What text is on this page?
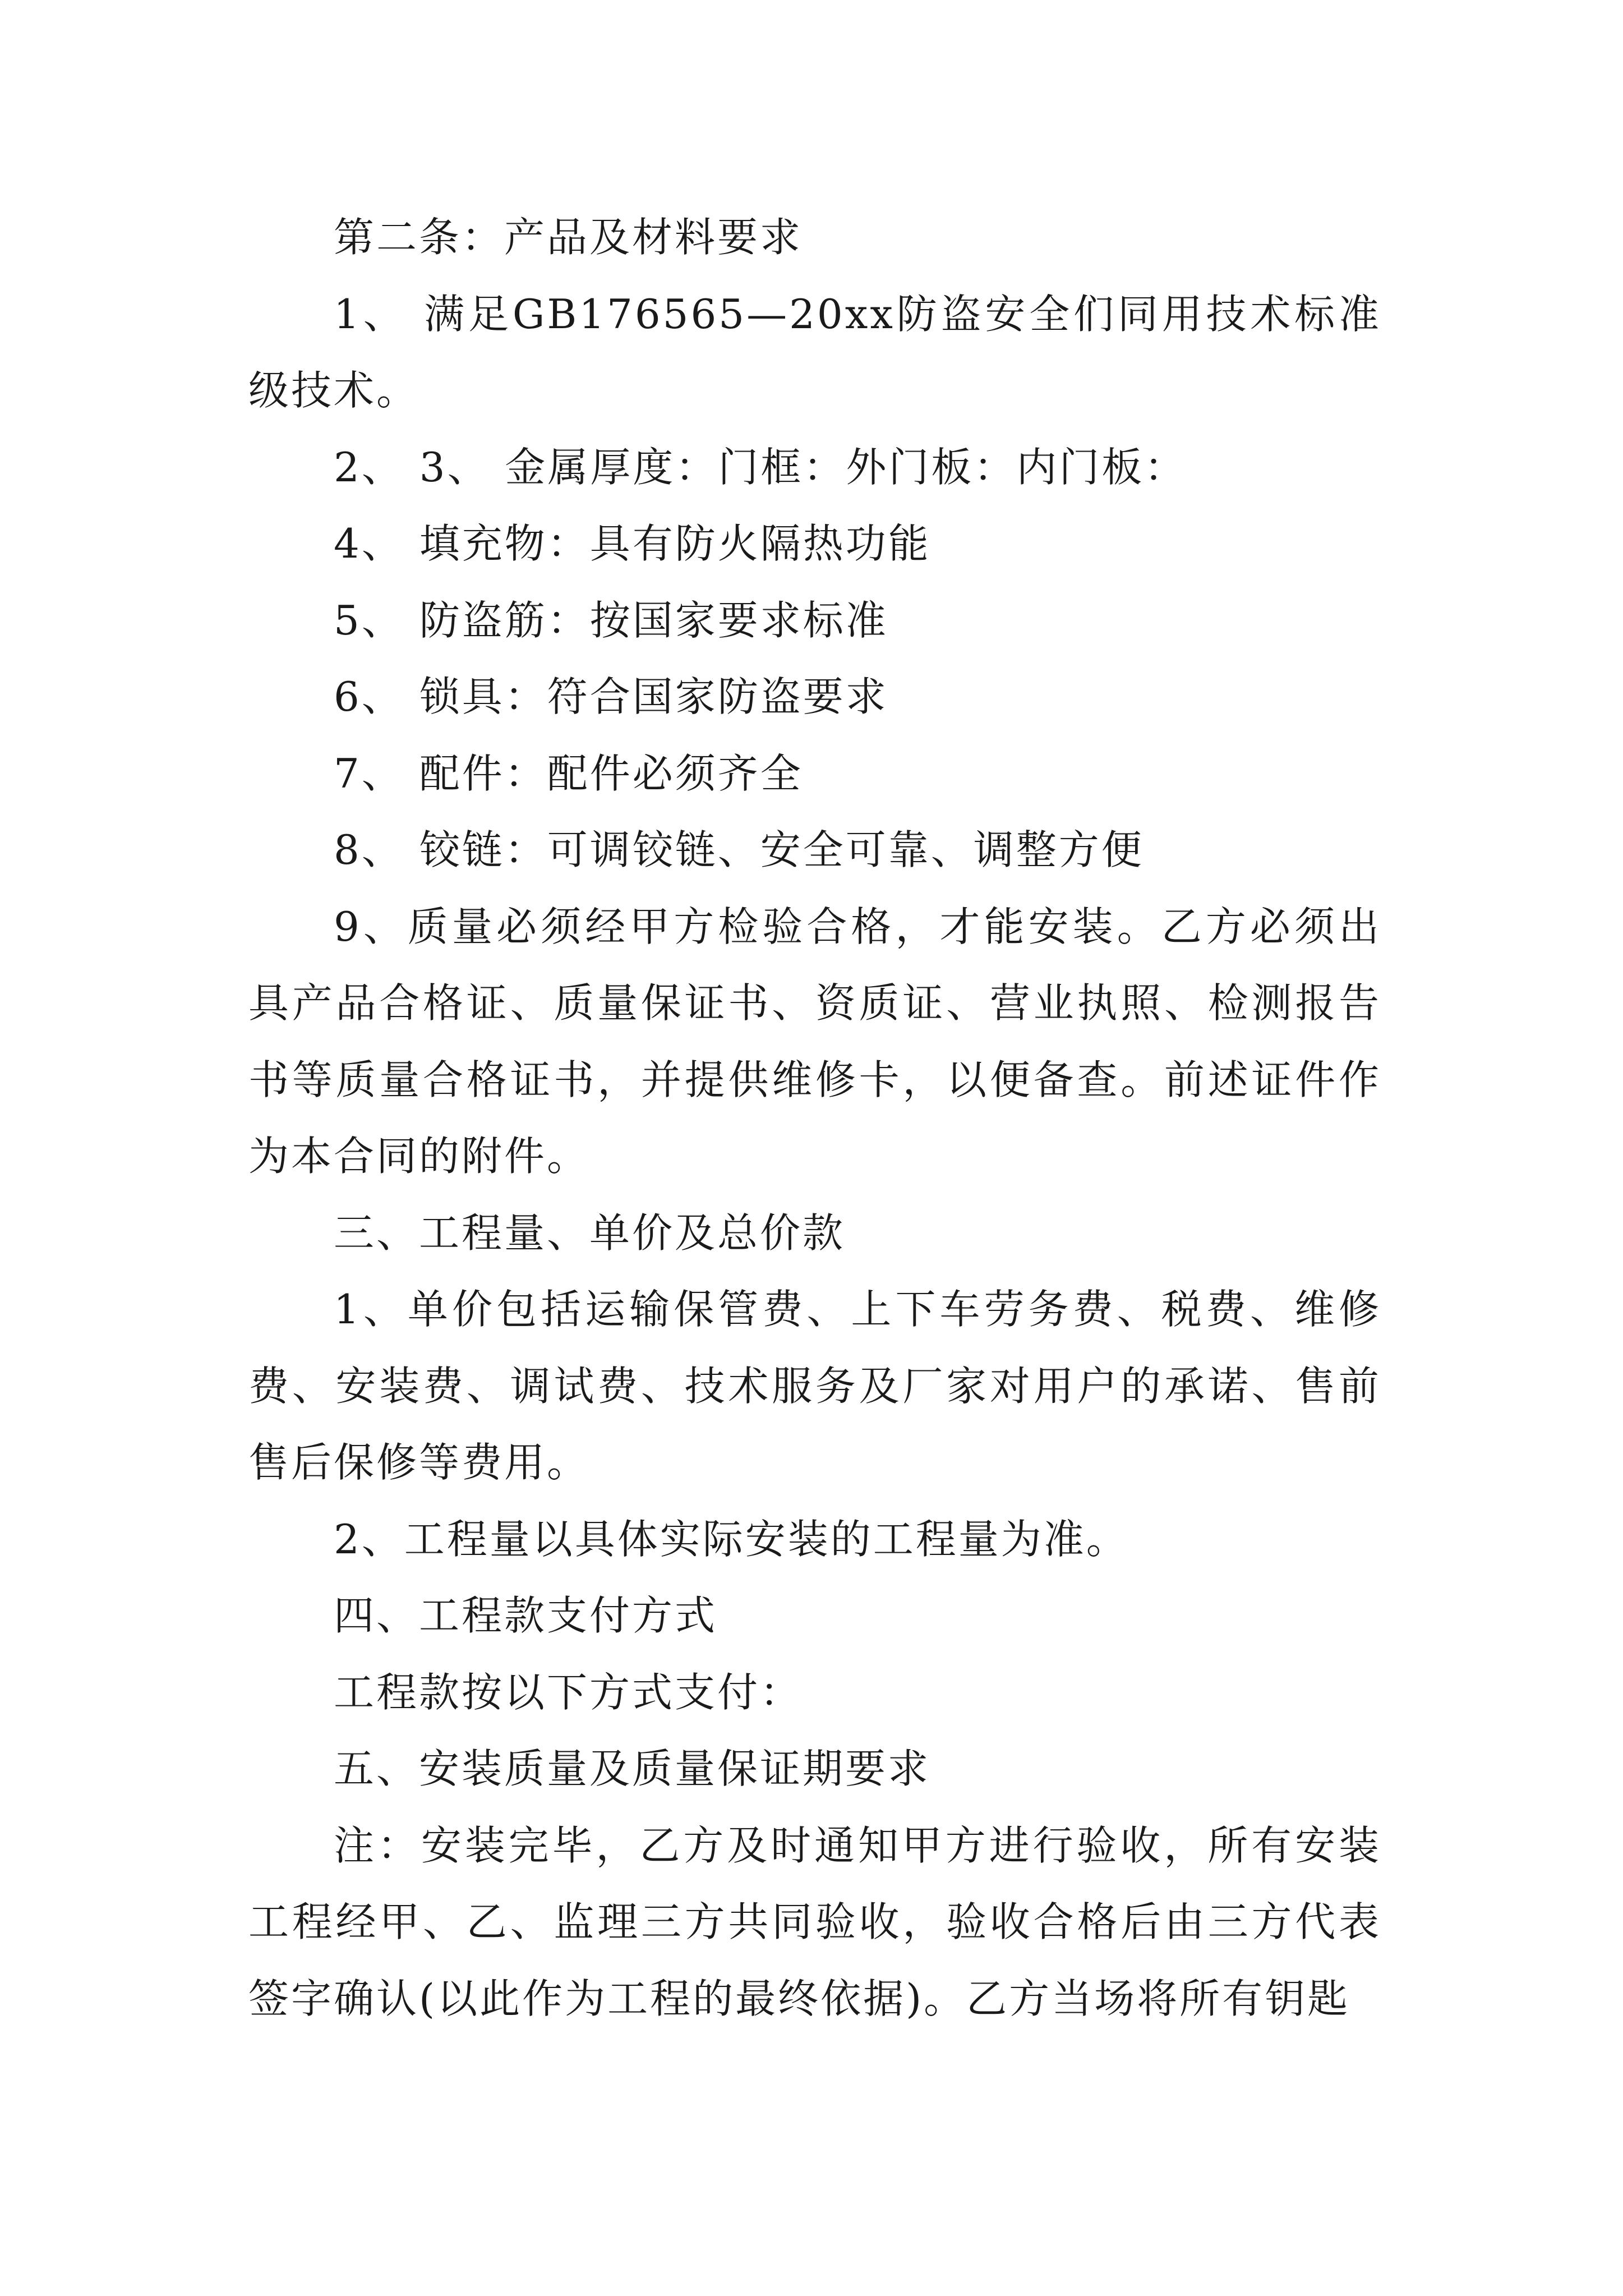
第二条：产品及材料要求

1、 满足GB176565—20xx防盗安全们同用技术标准级技术。

2、 3、 金属厚度：门框：外门板：内门板：

4、 填充物：具有防火隔热功能

5、 防盗筋：按国家要求标准

6、 锁具：符合国家防盗要求

7、 配件：配件必须齐全

8、 铰链：可调铰链、安全可靠、调整方便

9、质量必须经甲方检验合格，才能安装。乙方必须出具产品合格证、质量保证书、资质证、营业执照、检测报告书等质量合格证书，并提供维修卡，以便备查。前述证件作为本合同的附件。

三、工程量、单价及总价款

1、单价包括运输保管费、上下车劳务费、税费、维修费、安装费、调试费、技术服务及厂家对用户的承诺、售前售后保修等费用。

2、工程量以具体实际安装的工程量为准。

四、工程款支付方式

工程款按以下方式支付：

五、安装质量及质量保证期要求

注：安装完毕，乙方及时通知甲方进行验收，所有安装工程经甲、乙、监理三方共同验收，验收合格后由三方代表签字确认(以此作为工程的最终依据)。乙方当场将所有钥匙
